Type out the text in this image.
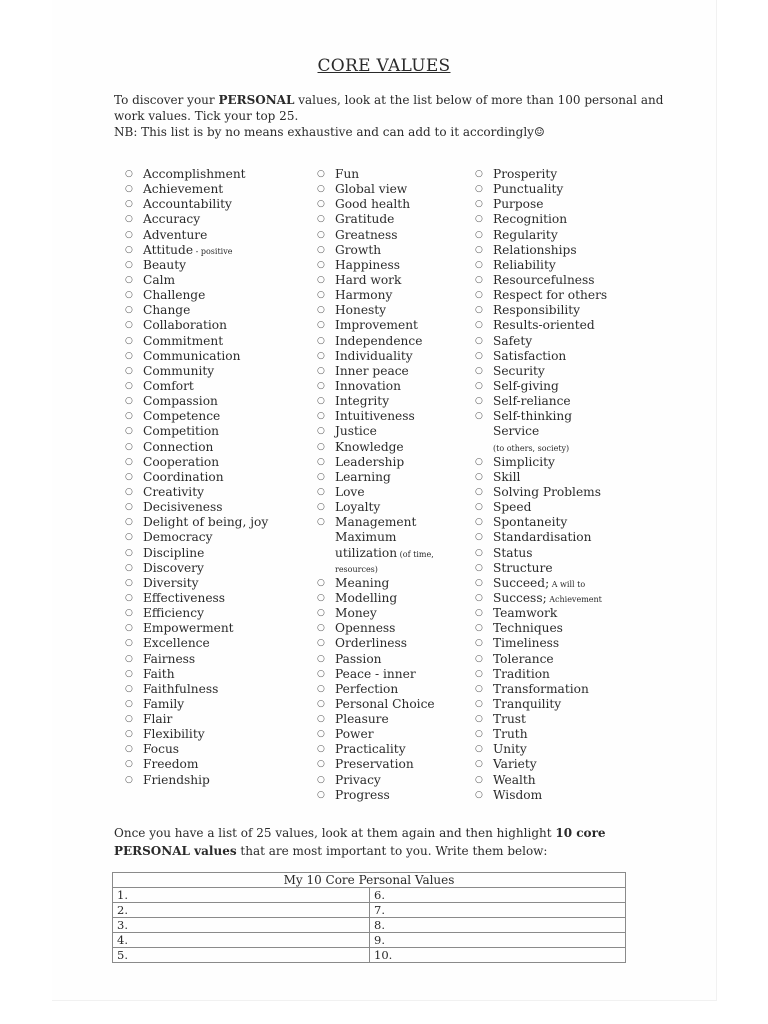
CORE VALUES
To discover your PERSONAL values, look at the list below of more than 100 personal and work values. Tick your top 25.
NB: This list is by no means exhaustive and can add to it accordingly☺
○ Accomplishment
○ Achievement
○ Accountability
○ Accuracy
○ Adventure
○ Attitude - positive
○ Beauty
○ Calm
○ Challenge
○ Change
○ Collaboration
○ Commitment
○ Communication
○ Community
○ Comfort
○ Compassion
○ Competence
○ Competition
○ Connection
○ Cooperation
○ Coordination
○ Creativity
○ Decisiveness
○ Delight of being, joy
○ Democracy
○ Discipline
○ Discovery
○ Diversity
○ Effectiveness
○ Efficiency
○ Empowerment
○ Excellence
○ Fairness
○ Faith
○ Faithfulness
○ Family
○ Flair
○ Flexibility
○ Focus
○ Freedom
○ Friendship
○ Fun
○ Global view
○ Good health
○ Gratitude
○ Greatness
○ Growth
○ Happiness
○ Hard work
○ Harmony
○ Honesty
○ Improvement
○ Independence
○ Individuality
○ Inner peace
○ Innovation
○ Integrity
○ Intuitiveness
○ Justice
○ Knowledge
○ Leadership
○ Learning
○ Love
○ Loyalty
○ Management
Maximum
utilization (of time,
resources)
○ Meaning
○ Modelling
○ Money
○ Openness
○ Orderliness
○ Passion
○ Peace - inner
○ Perfection
○ Personal Choice
○ Pleasure
○ Power
○ Practicality
○ Preservation
○ Privacy
○ Progress
○ Prosperity
○ Punctuality
○ Purpose
○ Recognition
○ Regularity
○ Relationships
○ Reliability
○ Resourcefulness
○ Respect for others
○ Responsibility
○ Results-oriented
○ Safety
○ Satisfaction
○ Security
○ Self-giving
○ Self-reliance
○ Self-thinking
Service
(to others, society)
○ Simplicity
○ Skill
○ Solving Problems
○ Speed
○ Spontaneity
○ Standardisation
○ Status
○ Structure
○ Succeed; A will to
○ Success; Achievement
○ Teamwork
○ Techniques
○ Timeliness
○ Tolerance
○ Tradition
○ Transformation
○ Tranquility
○ Trust
○ Truth
○ Unity
○ Variety
○ Wealth
○ Wisdom
Once you have a list of 25 values, look at them again and then highlight 10 core PERSONAL values that are most important to you. Write them below:
My 10 Core Personal Values	
1.	6.
2.	7.
3.	8.
4.	9.
5.	10.
